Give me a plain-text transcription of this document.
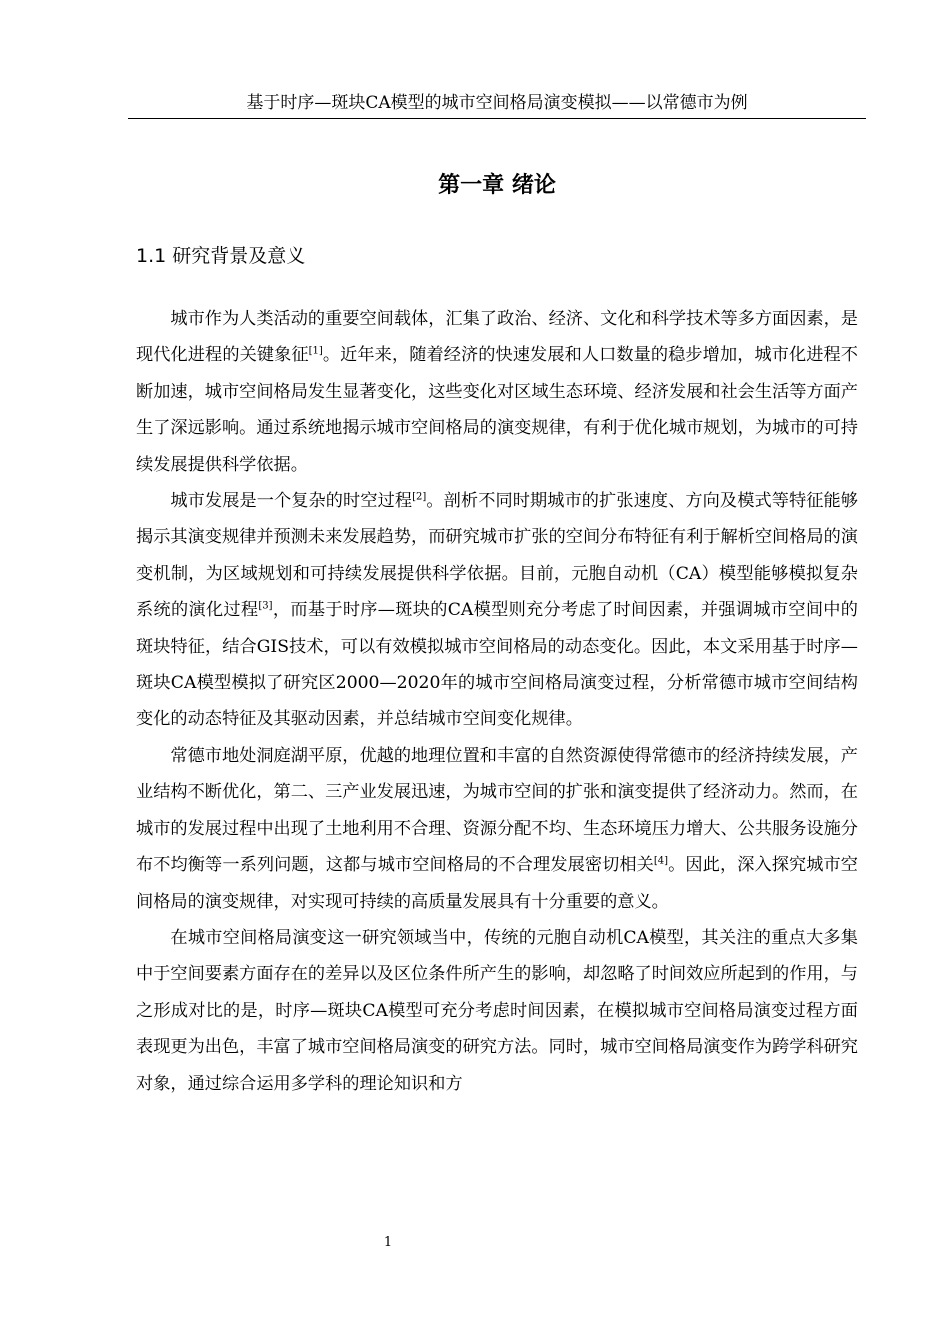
基于时序—斑块CA模型的城市空间格局演变模拟——以常德市为例
第一章 绪论
1.1 研究背景及意义

城市作为人类活动的重要空间载体，汇集了政治、经济、文化和科学技术等多方面因素，是现代化进程的关键象征[1]。近年来，随着经济的快速发展和人口数量的稳步增加，城市化进程不断加速，城市空间格局发生显著变化，这些变化对区域生态环境、经济发展和社会生活等方面产生了深远影响。通过系统地揭示城市空间格局的演变规律，有利于优化城市规划，为城市的可持续发展提供科学依据。

城市发展是一个复杂的时空过程[2]。剖析不同时期城市的扩张速度、方向及模式等特征能够揭示其演变规律并预测未来发展趋势，而研究城市扩张的空间分布特征有利于解析空间格局的演变机制，为区域规划和可持续发展提供科学依据。目前，元胞自动机（CA）模型能够模拟复杂系统的演化过程[3]，而基于时序—斑块的CA模型则充分考虑了时间因素，并强调城市空间中的斑块特征，结合GIS技术，可以有效模拟城市空间格局的动态变化。因此，本文采用基于时序—斑块CA模型模拟了研究区2000—2020年的城市空间格局演变过程，分析常德市城市空间结构变化的动态特征及其驱动因素，并总结城市空间变化规律。

常德市地处洞庭湖平原，优越的地理位置和丰富的自然资源使得常德市的经济持续发展，产业结构不断优化，第二、三产业发展迅速，为城市空间的扩张和演变提供了经济动力。然而，在城市的发展过程中出现了土地利用不合理、资源分配不均、生态环境压力增大、公共服务设施分布不均衡等一系列问题，这都与城市空间格局的不合理发展密切相关[4]。因此，深入探究城市空间格局的演变规律，对实现可持续的高质量发展具有十分重要的意义。

在城市空间格局演变这一研究领域当中，传统的元胞自动机CA模型，其关注的重点大多集中于空间要素方面存在的差异以及区位条件所产生的影响，却忽略了时间效应所起到的作用，与之形成对比的是，时序—斑块CA模型可充分考虑时间因素，在模拟城市空间格局演变过程方面表现更为出色，丰富了城市空间格局演变的研究方法。同时，城市空间格局演变作为跨学科研究对象，通过综合运用多学科的理论知识和方

1
